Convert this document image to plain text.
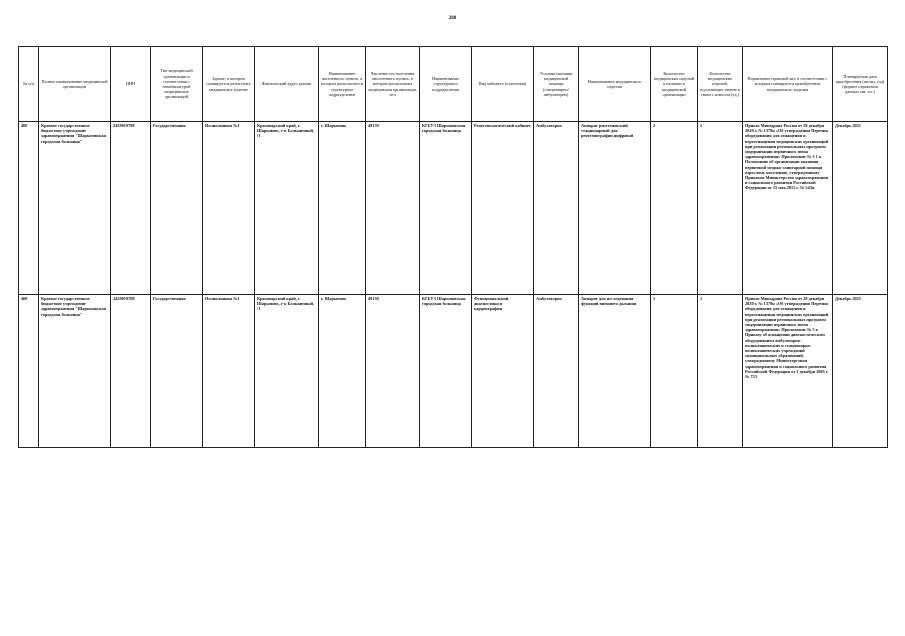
288
№ п/п	Полное наименование медицинской организации	ИНН	Тип медицинской организации в соответствии с номенклатурой медицинских организаций	Здание, в котором планируется разместить медицинское изделие	Фактический адрес здания	Наименование населенного пункта, в котором располагается структурное подразделение	Численность населения населенного пункта, в котором расположена медицинская организация, чел	Наименование структурного подразделения	Вид кабинета (отделения)	Условия оказания медицинской помощи (стационарно/ амбулаторно)	Наименование медицинского изделия	Количество медицинских изделий в наличии в медицинской организации	Количество медицинских изделий, подлежащих замене в связи с износом (ед.)	Нормативно-правовой акт, в соответствии с которым планируется приобретение медицинского изделия	Планируемая дата приобретения (месяц, год) (формат отражения данных мм. ггг.)
468	Краевое государственное бюджетное учреждение здравоохранения "Шарыповская городская больница"	2459019708	Государственная	Поликлиника №1	Красноярский край, г. Шарыпово, г-к Больничный, /1	г. Шарыпово	49139	КГБУЗ Шарыповская городская больница	Рентгенологический кабинет	Амбулаторно	Аппарат рентгеновский стационарный для рентгенографии цифровой	2	1	Приказ Минздрава России от 28 декабря 2020 г. № 1379н «Об утверждении Перечня оборудования для оснащения и переоснащения медицинских организаций при реализации региональных программ модернизации первичного звена здравоохранения» Приложение № 3 1 к Положению об организации оказания первичной медико-санитарной помощи взрослому населению, утвержденному Приказом Министерства здравоохранения и социального развития Российской Федерации от 15 мая 2012 г. № 543н	Декабрь 2021
469	Краевое государственное бюджетное учреждение здравоохранения "Шарыповская городская больница"	2459019708	Государственная	Поликлиника №1	Красноярский край, г. Шарыпово, г-к Больничный, /1	г. Шарыпово	49139	КГБУЗ Шарыповская городская больница	Функциональной диагностики и кардиографии	Амбулаторно	Аппарат для исследования функций внешнего дыхания	1	1	Приказ Минздрава России от 28 декабря 2020 г. № 1379н «Об утверждении Перечня оборудования для оснащения и переоснащения медицинских организаций при реализации региональных программ модернизации первичного звена здравоохранения» Приложение № 3 к Приказу об оснащении диагностическим оборудованием амбулаторно-поликлинических и стационарно-поликлинических учреждений муниципальных образований, утвержденному Министерством здравоохранения и социального развития Российской Федерации от 1 декабря 2005 г. № 753	Декабрь 2025
